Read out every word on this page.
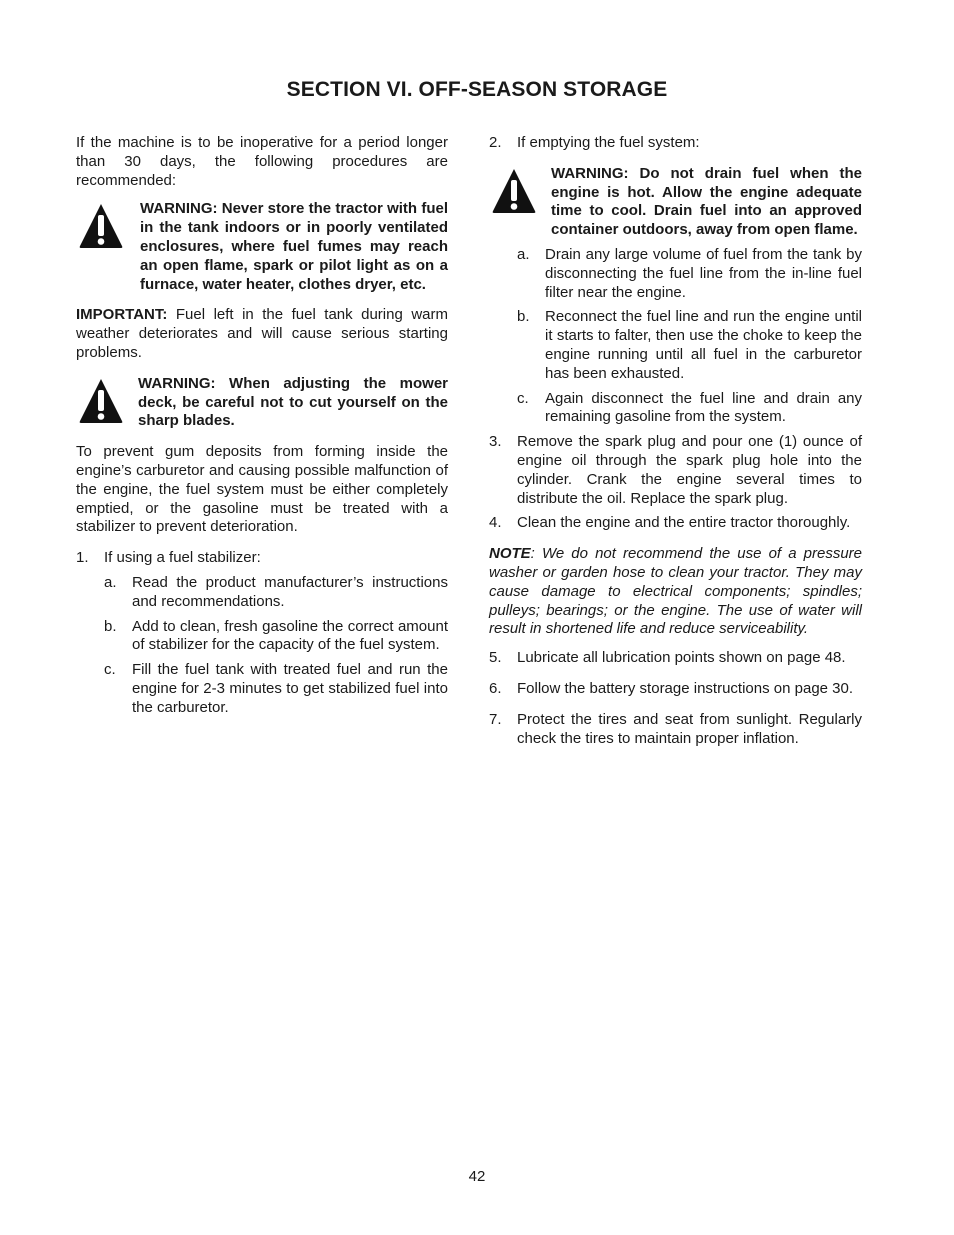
SECTION VI. OFF-SEASON STORAGE

If the machine is to be inoperative for a period longer than 30 days, the following procedures are recommended:

WARNING: Never store the tractor with fuel in the tank indoors or in poorly ventilated enclosures, where fuel fumes may reach an open flame, spark or pilot light as on a furnace, water heater, clothes dryer, etc.

IMPORTANT: Fuel left in the fuel tank during warm weather deteriorates and will cause serious starting problems.

WARNING: When adjusting the mower deck, be careful not to cut yourself on the sharp blades.

To prevent gum deposits from forming inside the engine’s carburetor and causing possible malfunction of the engine, the fuel system must be either completely emptied, or the gasoline must be treated with a stabilizer to prevent deterioration.

1.	If using a fuel stabilizer:
a.	Read the product manufacturer’s instructions and recommendations.
b.	Add to clean, fresh gasoline the correct amount of stabilizer for the capacity of the fuel system.
c.	Fill the fuel tank with treated fuel and run the engine for 2-3 minutes to get stabilized fuel into the carburetor.
2.	If emptying the fuel system:
WARNING: Do not drain fuel when the engine is hot. Allow the engine adequate time to cool. Drain fuel into an approved container outdoors, away from open flame.
a.	Drain any large volume of fuel from the tank by disconnecting the fuel line from the in-line fuel filter near the engine.
b.	Reconnect the fuel line and run the engine until it starts to falter, then use the choke to keep the engine running until all fuel in the carburetor has been exhausted.
c.	Again disconnect the fuel line and drain any remaining gasoline from the system.
3.	Remove the spark plug and pour one (1) ounce of engine oil through the spark plug hole into the cylinder. Crank the engine several times to distribute the oil. Replace the spark plug.
4.	Clean the engine and the entire tractor thoroughly.

NOTE: We do not recommend the use of a pressure washer or garden hose to clean your tractor. They may cause damage to electrical components; spindles; pulleys; bearings; or the engine. The use of water will result in shortened life and reduce serviceability.

5.	Lubricate all lubrication points shown on page 48.
6.	Follow the battery storage instructions on page 30.
7.	Protect the tires and seat from sunlight. Regularly check the tires to maintain proper inflation.
42
